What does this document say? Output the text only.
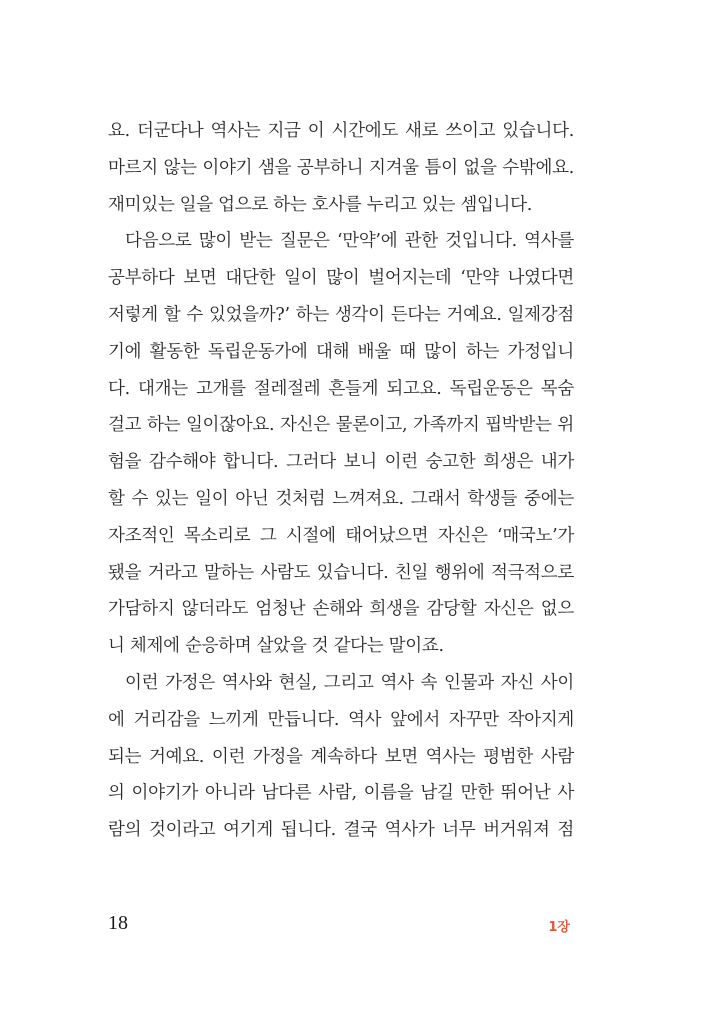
요. 더군다나 역사는 지금 이 시간에도 새로 쓰이고 있습니다.
마르지 않는 이야기 샘을 공부하니 지겨울 틈이 없을 수밖에요.
재미있는 일을 업으로 하는 호사를 누리고 있는 셈입니다.
다음으로 많이 받는 질문은 ‘만약’에 관한 것입니다. 역사를
공부하다 보면 대단한 일이 많이 벌어지는데 ‘만약 나였다면
저렇게 할 수 있었을까?’ 하는 생각이 든다는 거예요. 일제강점
기에 활동한 독립운동가에 대해 배울 때 많이 하는 가정입니
다. 대개는 고개를 절레절레 흔들게 되고요. 독립운동은 목숨
걸고 하는 일이잖아요. 자신은 물론이고, 가족까지 핍박받는 위
험을 감수해야 합니다. 그러다 보니 이런 숭고한 희생은 내가
할 수 있는 일이 아닌 것처럼 느껴져요. 그래서 학생들 중에는
자조적인 목소리로 그 시절에 태어났으면 자신은 ‘매국노’가
됐을 거라고 말하는 사람도 있습니다. 친일 행위에 적극적으로
가담하지 않더라도 엄청난 손해와 희생을 감당할 자신은 없으
니 체제에 순응하며 살았을 것 같다는 말이죠.
이런 가정은 역사와 현실, 그리고 역사 속 인물과 자신 사이
에 거리감을 느끼게 만듭니다. 역사 앞에서 자꾸만 작아지게
되는 거예요. 이런 가정을 계속하다 보면 역사는 평범한 사람
의 이야기가 아니라 남다른 사람, 이름을 남길 만한 뛰어난 사
람의 것이라고 여기게 됩니다. 결국 역사가 너무 버거워져 점
18	1장
